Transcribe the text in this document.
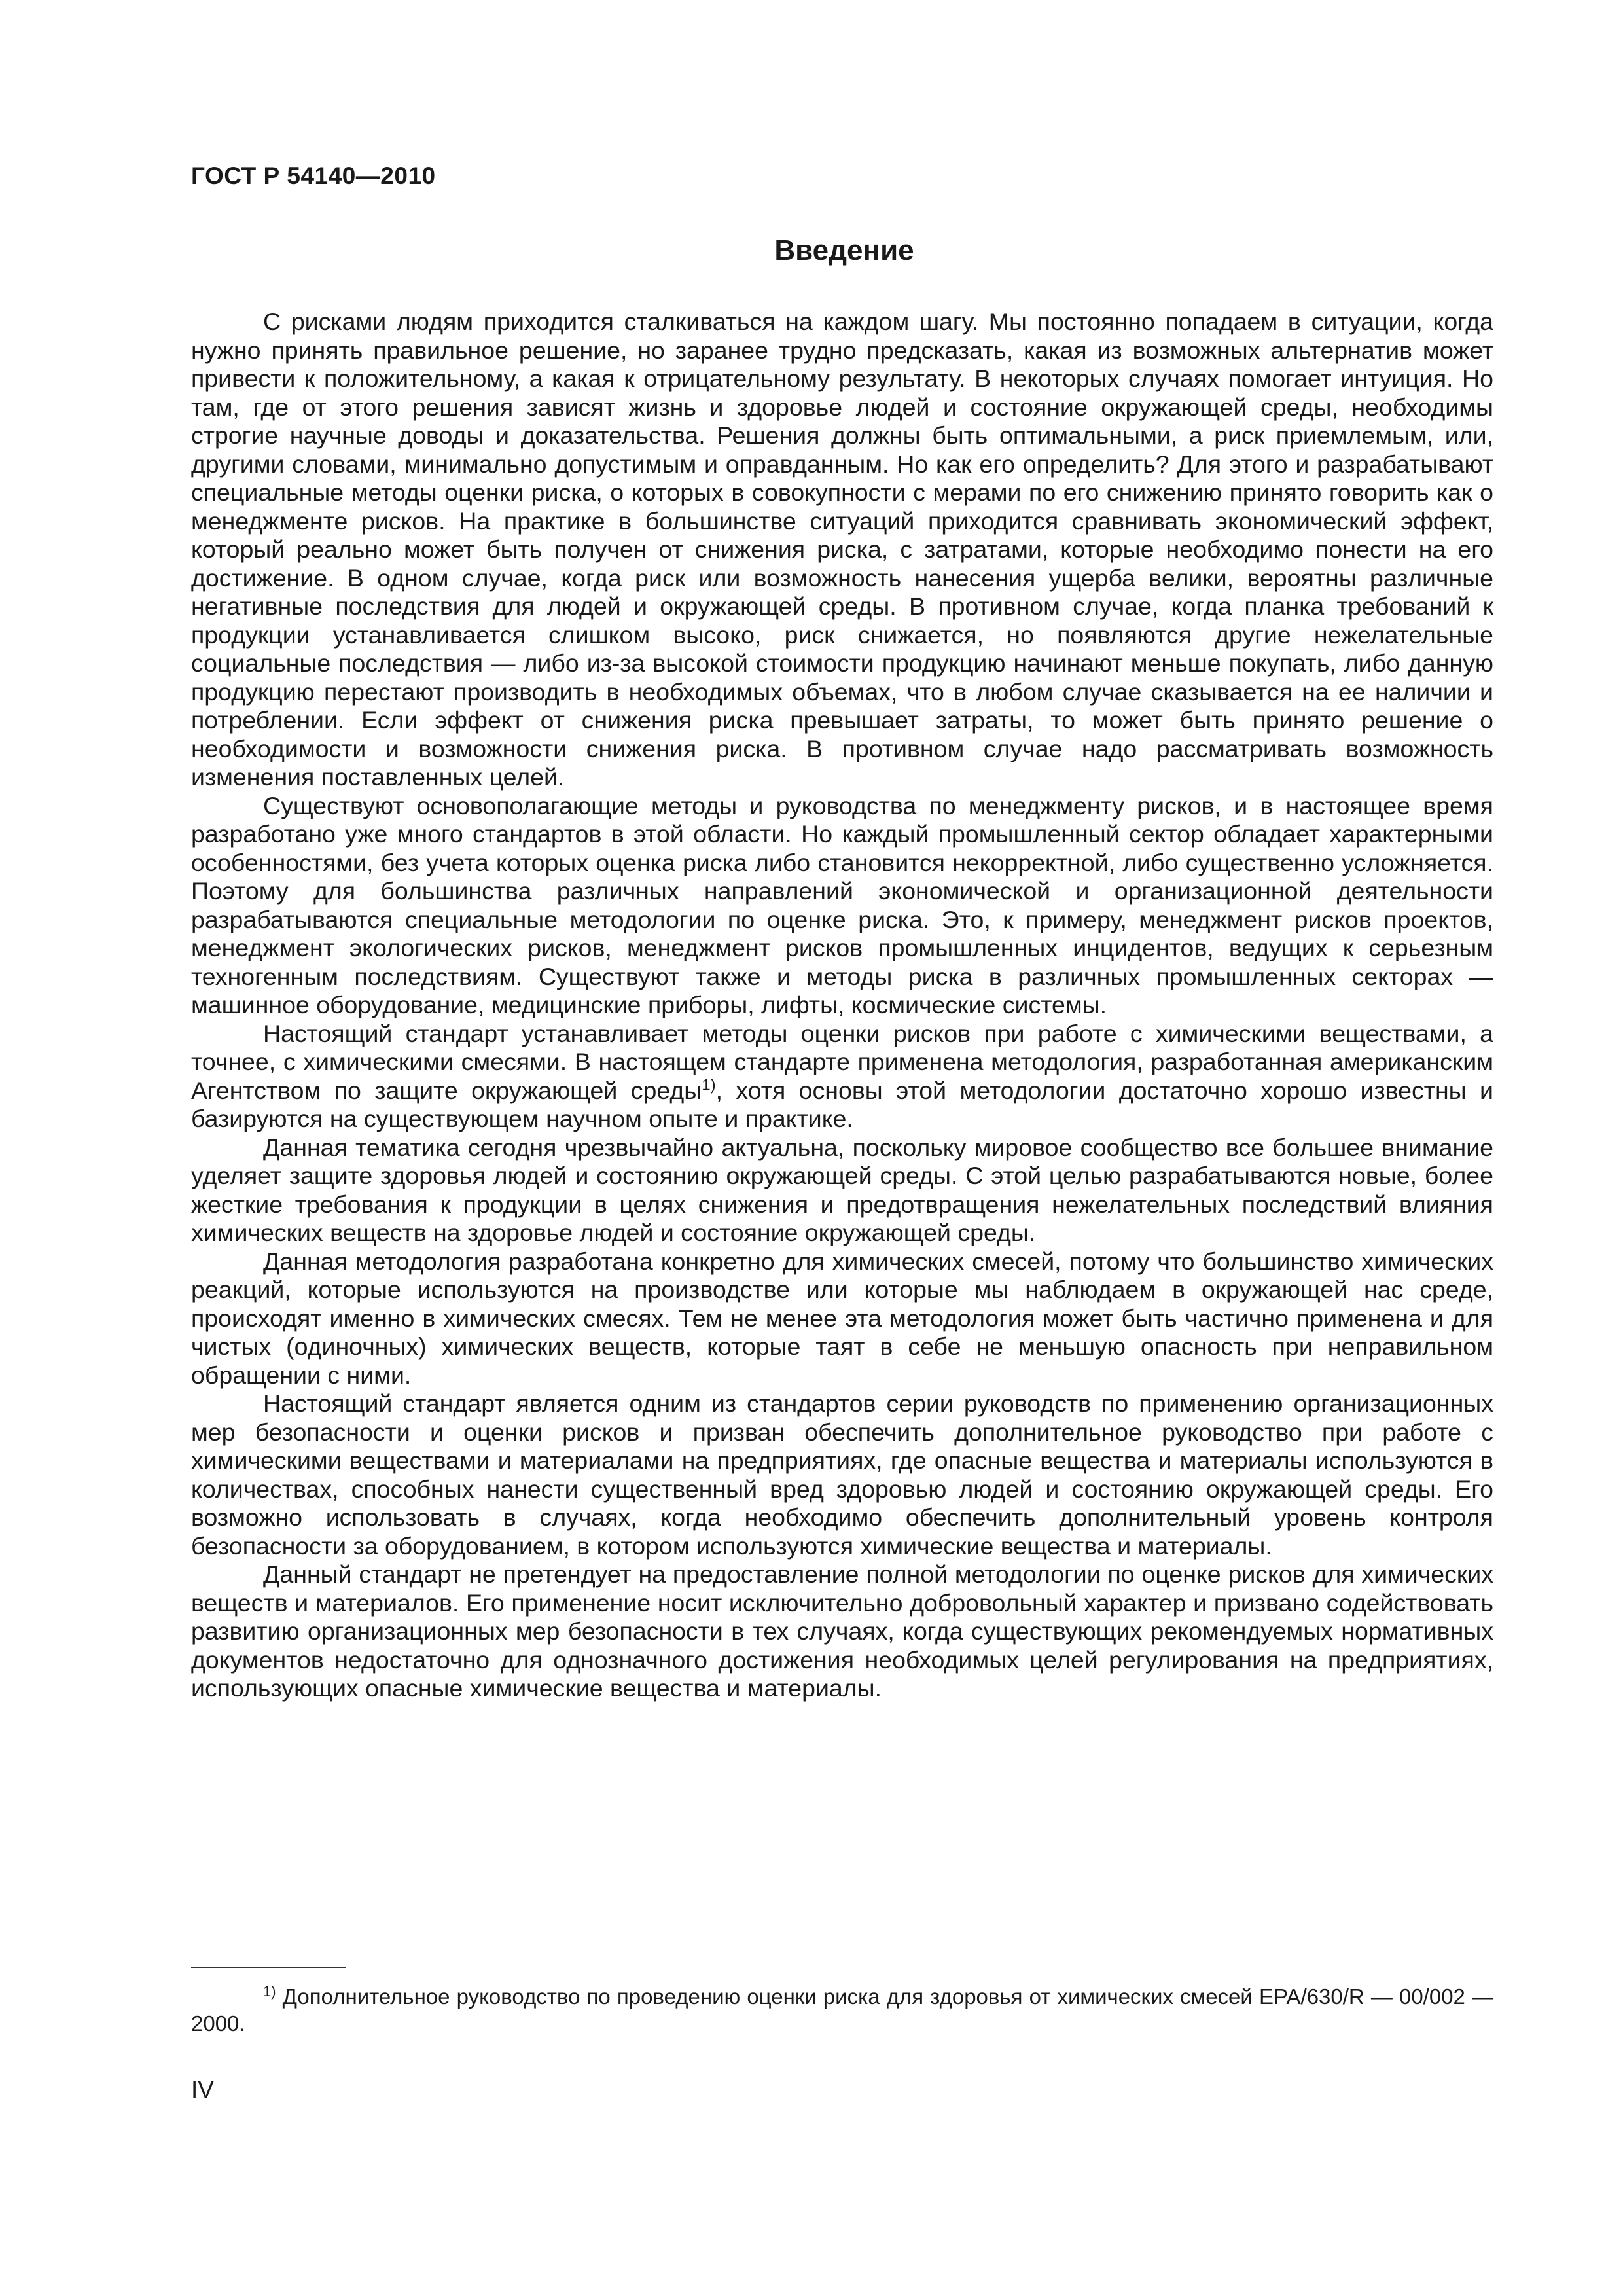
ГОСТ Р 54140—2010
Введение

С рисками людям приходится сталкиваться на каждом шагу. Мы постоянно попадаем в ситуации, когда нужно принять правильное решение, но заранее трудно предсказать, какая из возможных альтернатив может привести к положительному, а какая к отрицательному результату. В некоторых случаях помогает интуиция. Но там, где от этого решения зависят жизнь и здоровье людей и состояние окружающей среды, необходимы строгие научные доводы и доказательства. Решения должны быть оптимальными, а риск приемлемым, или, другими словами, минимально допустимым и оправданным. Но как его определить? Для этого и разрабатывают специальные методы оценки риска, о которых в совокупности с мерами по его снижению принято говорить как о менеджменте рисков. На практике в большинстве ситуаций приходится сравнивать экономический эффект, который реально может быть получен от снижения риска, с затратами, которые необходимо понести на его достижение. В одном случае, когда риск или возможность нанесения ущерба велики, вероятны различные негативные последствия для людей и окружающей среды. В противном случае, когда планка требований к продукции устанавливается слишком высоко, риск снижается, но появляются другие нежелательные социальные последствия — либо из-за высокой стоимости продукцию начинают меньше покупать, либо данную продукцию перестают производить в необходимых объемах, что в любом случае сказывается на ее наличии и потреблении. Если эффект от снижения риска превышает затраты, то может быть принято решение о необходимости и возможности снижения риска. В противном случае надо рассматривать возможность изменения поставленных целей.

Существуют основополагающие методы и руководства по менеджменту рисков, и в настоящее время разработано уже много стандартов в этой области. Но каждый промышленный сектор обладает характерными особенностями, без учета которых оценка риска либо становится некорректной, либо существенно усложняется. Поэтому для большинства различных направлений экономической и организационной деятельности разрабатываются специальные методологии по оценке риска. Это, к примеру, менеджмент рисков проектов, менеджмент экологических рисков, менеджмент рисков промышленных инцидентов, ведущих к серьезным техногенным последствиям. Существуют также и методы риска в различных промышленных секторах — машинное оборудование, медицинские приборы, лифты, космические системы.

Настоящий стандарт устанавливает методы оценки рисков при работе с химическими веществами, а точнее, с химическими смесями. В настоящем стандарте применена методология, разработанная американским Агентством по защите окружающей среды$^{1)}$, хотя основы этой методологии достаточно хорошо известны и базируются на существующем научном опыте и практике.

Данная тематика сегодня чрезвычайно актуальна, поскольку мировое сообщество все большее внимание уделяет защите здоровья людей и состоянию окружающей среды. С этой целью разрабатываются новые, более жесткие требования к продукции в целях снижения и предотвращения нежелательных последствий влияния химических веществ на здоровье людей и состояние окружающей среды.

Данная методология разработана конкретно для химических смесей, потому что большинство химических реакций, которые используются на производстве или которые мы наблюдаем в окружающей нас среде, происходят именно в химических смесях. Тем не менее эта методология может быть частично применена и для чистых (одиночных) химических веществ, которые таят в себе не меньшую опасность при неправильном обращении с ними.

Настоящий стандарт является одним из стандартов серии руководств по применению организационных мер безопасности и оценки рисков и призван обеспечить дополнительное руководство при работе с химическими веществами и материалами на предприятиях, где опасные вещества и материалы используются в количествах, способных нанести существенный вред здоровью людей и состоянию окружающей среды. Его возможно использовать в случаях, когда необходимо обеспечить дополнительный уровень контроля безопасности за оборудованием, в котором используются химические вещества и материалы.

Данный стандарт не претендует на предоставление полной методологии по оценке рисков для химических веществ и материалов. Его применение носит исключительно добровольный характер и призвано содействовать развитию организационных мер безопасности в тех случаях, когда существующих рекомендуемых нормативных документов недостаточно для однозначного достижения необходимых целей регулирования на предприятиях, использующих опасные химические вещества и материалы.

$^{1)}$ Дополнительное руководство по проведению оценки риска для здоровья от химических смесей EPA/630/R — 00/002 — 2000.

IV
